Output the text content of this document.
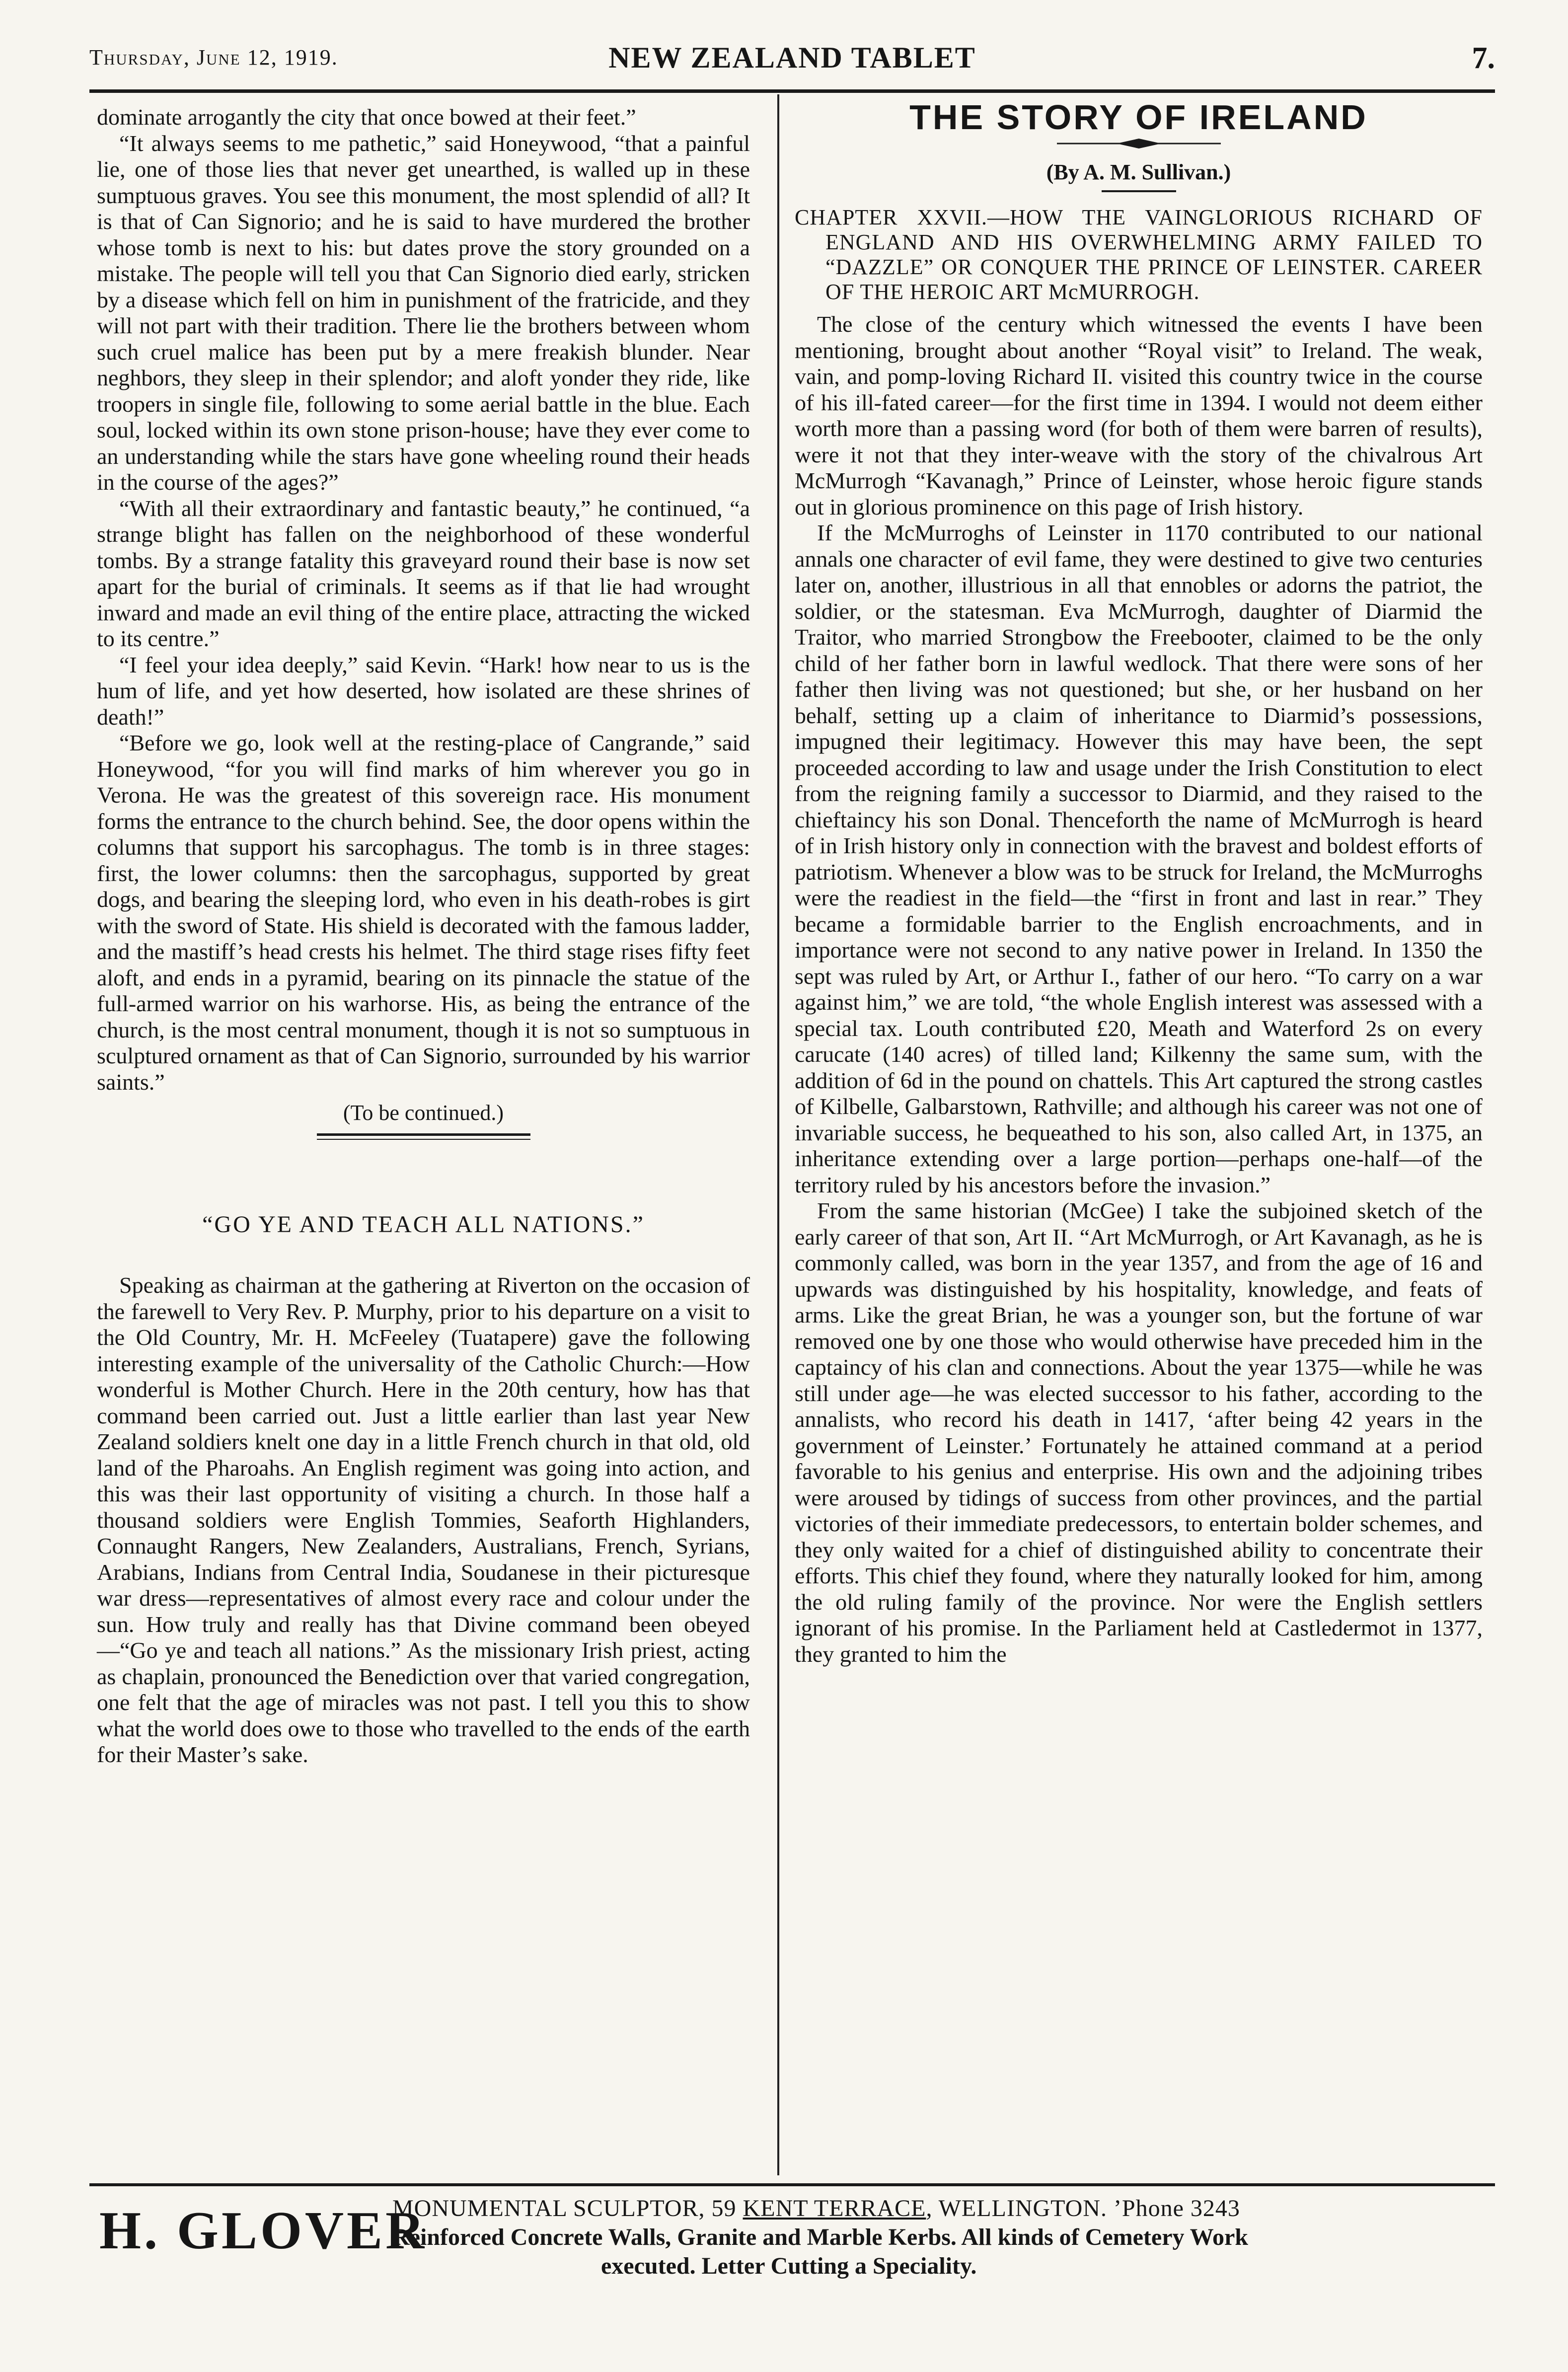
Thursday, June 12, 1919.	NEW ZEALAND TABLET	7.

dominate arrogantly the city that once bowed at their feet.”

“It always seems to me pathetic,” said Honeywood, “that a painful lie, one of those lies that never get unearthed, is walled up in these sumptuous graves. You see this monument, the most splendid of all? It is that of Can Signorio; and he is said to have murdered the brother whose tomb is next to his: but dates prove the story grounded on a mistake. The people will tell you that Can Signorio died early, stricken by a disease which fell on him in punishment of the fratricide, and they will not part with their tradition. There lie the brothers between whom such cruel malice has been put by a mere freakish blunder. Near neghbors, they sleep in their splendor; and aloft yonder they ride, like troopers in single file, following to some aerial battle in the blue. Each soul, locked within its own stone prison-house; have they ever come to an understanding while the stars have gone wheeling round their heads in the course of the ages?”

“With all their extraordinary and fantastic beauty,” he continued, “a strange blight has fallen on the neighborhood of these wonderful tombs. By a strange fatality this graveyard round their base is now set apart for the burial of criminals. It seems as if that lie had wrought inward and made an evil thing of the entire place, attracting the wicked to its centre.”

“I feel your idea deeply,” said Kevin. “Hark! how near to us is the hum of life, and yet how deserted, how isolated are these shrines of death!”

“Before we go, look well at the resting-place of Cangrande,” said Honeywood, “for you will find marks of him wherever you go in Verona. He was the greatest of this sovereign race. His monument forms the entrance to the church behind. See, the door opens within the columns that support his sarcophagus. The tomb is in three stages: first, the lower columns: then the sarcophagus, supported by great dogs, and bearing the sleeping lord, who even in his death-robes is girt with the sword of State. His shield is decorated with the famous ladder, and the mastiff’s head crests his helmet. The third stage rises fifty feet aloft, and ends in a pyramid, bearing on its pinnacle the statue of the full-armed warrior on his warhorse. His, as being the entrance of the church, is the most central monument, though it is not so sumptuous in sculptured ornament as that of Can Signorio, surrounded by his warrior saints.”

(To be continued.)
“GO YE AND TEACH ALL NATIONS.”

Speaking as chairman at the gathering at Riverton on the occasion of the farewell to Very Rev. P. Murphy, prior to his departure on a visit to the Old Country, Mr. H. McFeeley (Tuatapere) gave the following interesting example of the universality of the Catholic Church:—How wonderful is Mother Church. Here in the 20th century, how has that command been carried out. Just a little earlier than last year New Zealand soldiers knelt one day in a little French church in that old, old land of the Pharoahs. An English regiment was going into action, and this was their last opportunity of visiting a church. In those half a thousand soldiers were English Tommies, Seaforth Highlanders, Connaught Rangers, New Zealanders, Australians, French, Syrians, Arabians, Indians from Central India, Soudanese in their picturesque war dress—representatives of almost every race and colour under the sun. How truly and really has that Divine command been obeyed—“Go ye and teach all nations.” As the missionary Irish priest, acting as chaplain, pronounced the Benediction over that varied congregation, one felt that the age of miracles was not past. I tell you this to show what the world does owe to those who travelled to the ends of the earth for their Master’s sake.

THE STORY OF IRELAND
(By A. M. Sullivan.)
CHAPTER XXVII.—HOW THE VAINGLORIOUS RICHARD OF ENGLAND AND HIS OVERWHELMING ARMY FAILED TO “DAZZLE” OR CONQUER THE PRINCE OF LEINSTER. CAREER OF THE HEROIC ART McMURROGH.

The close of the century which witnessed the events I have been mentioning, brought about another “Royal visit” to Ireland. The weak, vain, and pomp-loving Richard II. visited this country twice in the course of his ill-fated career—for the first time in 1394. I would not deem either worth more than a passing word (for both of them were barren of results), were it not that they inter-weave with the story of the chivalrous Art McMurrogh “Kavanagh,” Prince of Leinster, whose heroic figure stands out in glorious prominence on this page of Irish history.

If the McMurroghs of Leinster in 1170 contributed to our national annals one character of evil fame, they were destined to give two centuries later on, another, illustrious in all that ennobles or adorns the patriot, the soldier, or the statesman. Eva McMurrogh, daughter of Diarmid the Traitor, who married Strongbow the Freebooter, claimed to be the only child of her father born in lawful wedlock. That there were sons of her father then living was not questioned; but she, or her husband on her behalf, setting up a claim of inheritance to Diarmid’s possessions, impugned their legitimacy. However this may have been, the sept proceeded according to law and usage under the Irish Constitution to elect from the reigning family a successor to Diarmid, and they raised to the chieftaincy his son Donal. Thenceforth the name of McMurrogh is heard of in Irish history only in connection with the bravest and boldest efforts of patriotism. Whenever a blow was to be struck for Ireland, the McMurroghs were the readiest in the field—the “first in front and last in rear.” They became a formidable barrier to the English encroachments, and in importance were not second to any native power in Ireland. In 1350 the sept was ruled by Art, or Arthur I., father of our hero. “To carry on a war against him,” we are told, “the whole English interest was assessed with a special tax. Louth contributed £20, Meath and Waterford 2s on every carucate (140 acres) of tilled land; Kilkenny the same sum, with the addition of 6d in the pound on chattels. This Art captured the strong castles of Kilbelle, Galbarstown, Rathville; and although his career was not one of invariable success, he bequeathed to his son, also called Art, in 1375, an inheritance extending over a large portion—perhaps one-half—of the territory ruled by his ancestors before the invasion.”

From the same historian (McGee) I take the subjoined sketch of the early career of that son, Art II. “Art McMurrogh, or Art Kavanagh, as he is commonly called, was born in the year 1357, and from the age of 16 and upwards was distinguished by his hospitality, knowledge, and feats of arms. Like the great Brian, he was a younger son, but the fortune of war removed one by one those who would otherwise have preceded him in the captaincy of his clan and connections. About the year 1375—while he was still under age—he was elected successor to his father, according to the annalists, who record his death in 1417, ‘after being 42 years in the government of Leinster.’ Fortunately he attained command at a period favorable to his genius and enterprise. His own and the adjoining tribes were aroused by tidings of success from other provinces, and the partial victories of their immediate predecessors, to entertain bolder schemes, and they only waited for a chief of distinguished ability to concentrate their efforts. This chief they found, where they naturally looked for him, among the old ruling family of the province. Nor were the English settlers ignorant of his promise. In the Parliament held at Castledermot in 1377, they granted to him the

H. GLOVER
MONUMENTAL SCULPTOR, 59 KENT TERRACE, WELLINGTON. ’Phone 3243
Reinforced Concrete Walls, Granite and Marble Kerbs. All kinds of Cemetery Work
executed. Letter Cutting a Speciality.
